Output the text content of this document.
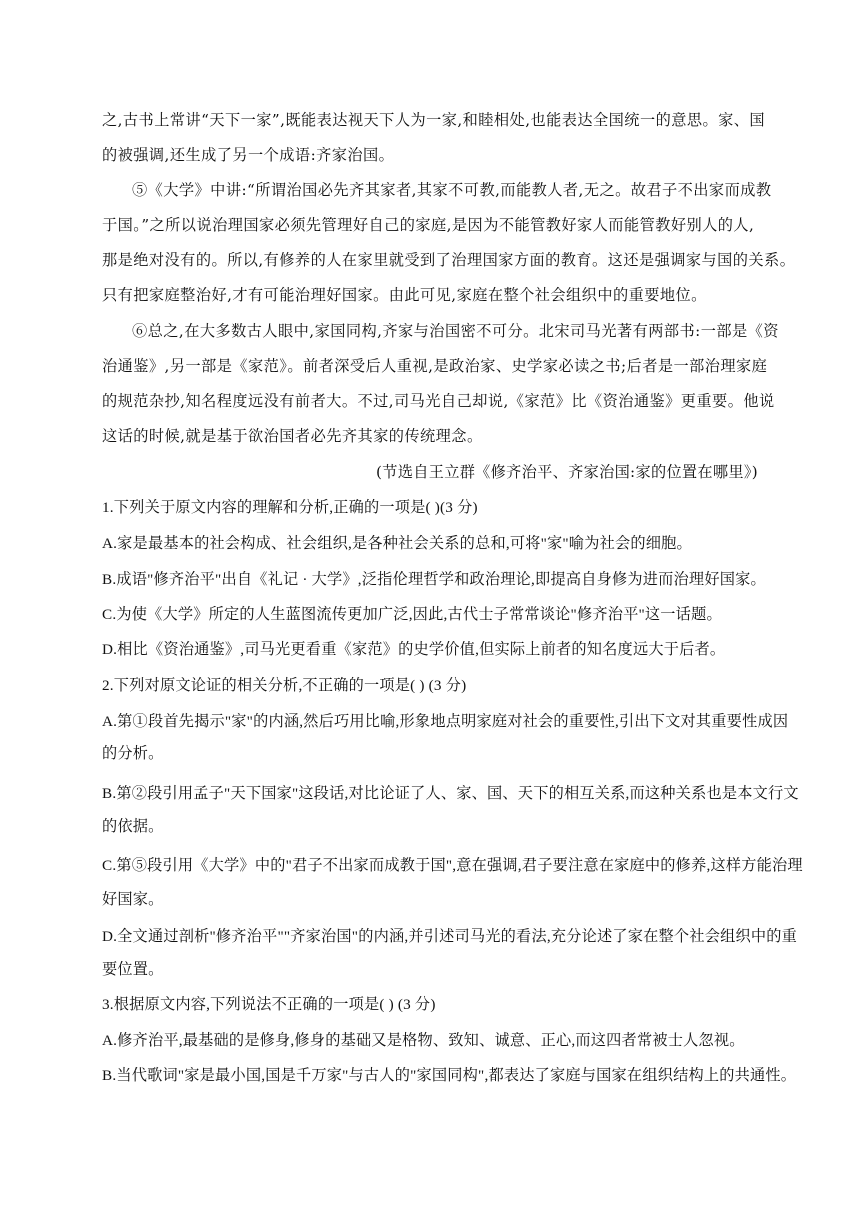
之,古书上常讲“天下一家”,既能表达视天下人为一家,和睦相处,也能表达全国统一的意思。家、国
的被强调,还生成了另一个成语:齐家治国。
⑤《大学》中讲:“所谓治国必先齐其家者,其家不可教,而能教人者,无之。故君子不出家而成教
于国。”之所以说治理国家必须先管理好自己的家庭,是因为不能管教好家人而能管教好别人的人,
那是绝对没有的。所以,有修养的人在家里就受到了治理国家方面的教育。这还是强调家与国的关系。
只有把家庭整治好,才有可能治理好国家。由此可见,家庭在整个社会组织中的重要地位。
⑥总之,在大多数古人眼中,家国同构,齐家与治国密不可分。北宋司马光著有两部书:一部是《资
治通鉴》,另一部是《家范》。前者深受后人重视,是政治家、史学家必读之书;后者是一部治理家庭
的规范杂抄,知名程度远没有前者大。不过,司马光自己却说,《家范》比《资治通鉴》更重要。他说
这话的时候,就是基于欲治国者必先齐其家的传统理念。
(节选自王立群《修齐治平、齐家治国:家的位置在哪里》)
1.下列关于原文内容的理解和分析,正确的一项是( )(3 分)
A.家是最基本的社会构成、社会组织,是各种社会关系的总和,可将"家"喻为社会的细胞。
B.成语"修齐治平"出自《礼记 · 大学》,泛指伦理哲学和政治理论,即提高自身修为进而治理好国家。
C.为使《大学》所定的人生蓝图流传更加广泛,因此,古代士子常常谈论"修齐治平"这一话题。
D.相比《资治通鉴》,司马光更看重《家范》的史学价值,但实际上前者的知名度远大于后者。
2.下列对原文论证的相关分析,不正确的一项是( ) (3 分)
A.第①段首先揭示"家"的内涵,然后巧用比喻,形象地点明家庭对社会的重要性,引出下文对其重要性成因
的分析。
B.第②段引用孟子"天下国家"这段话,对比论证了人、家、国、天下的相互关系,而这种关系也是本文行文
的依据。
C.第⑤段引用《大学》中的"君子不出家而成教于国",意在强调,君子要注意在家庭中的修养,这样方能治理
好国家。
D.全文通过剖析"修齐治平""齐家治国"的内涵,并引述司马光的看法,充分论述了家在整个社会组织中的重
要位置。
3.根据原文内容,下列说法不正确的一项是( ) (3 分)
A.修齐治平,最基础的是修身,修身的基础又是格物、致知、诚意、正心,而这四者常被士人忽视。
B.当代歌词"家是最小国,国是千万家"与古人的"家国同构",都表达了家庭与国家在组织结构上的共通性。
